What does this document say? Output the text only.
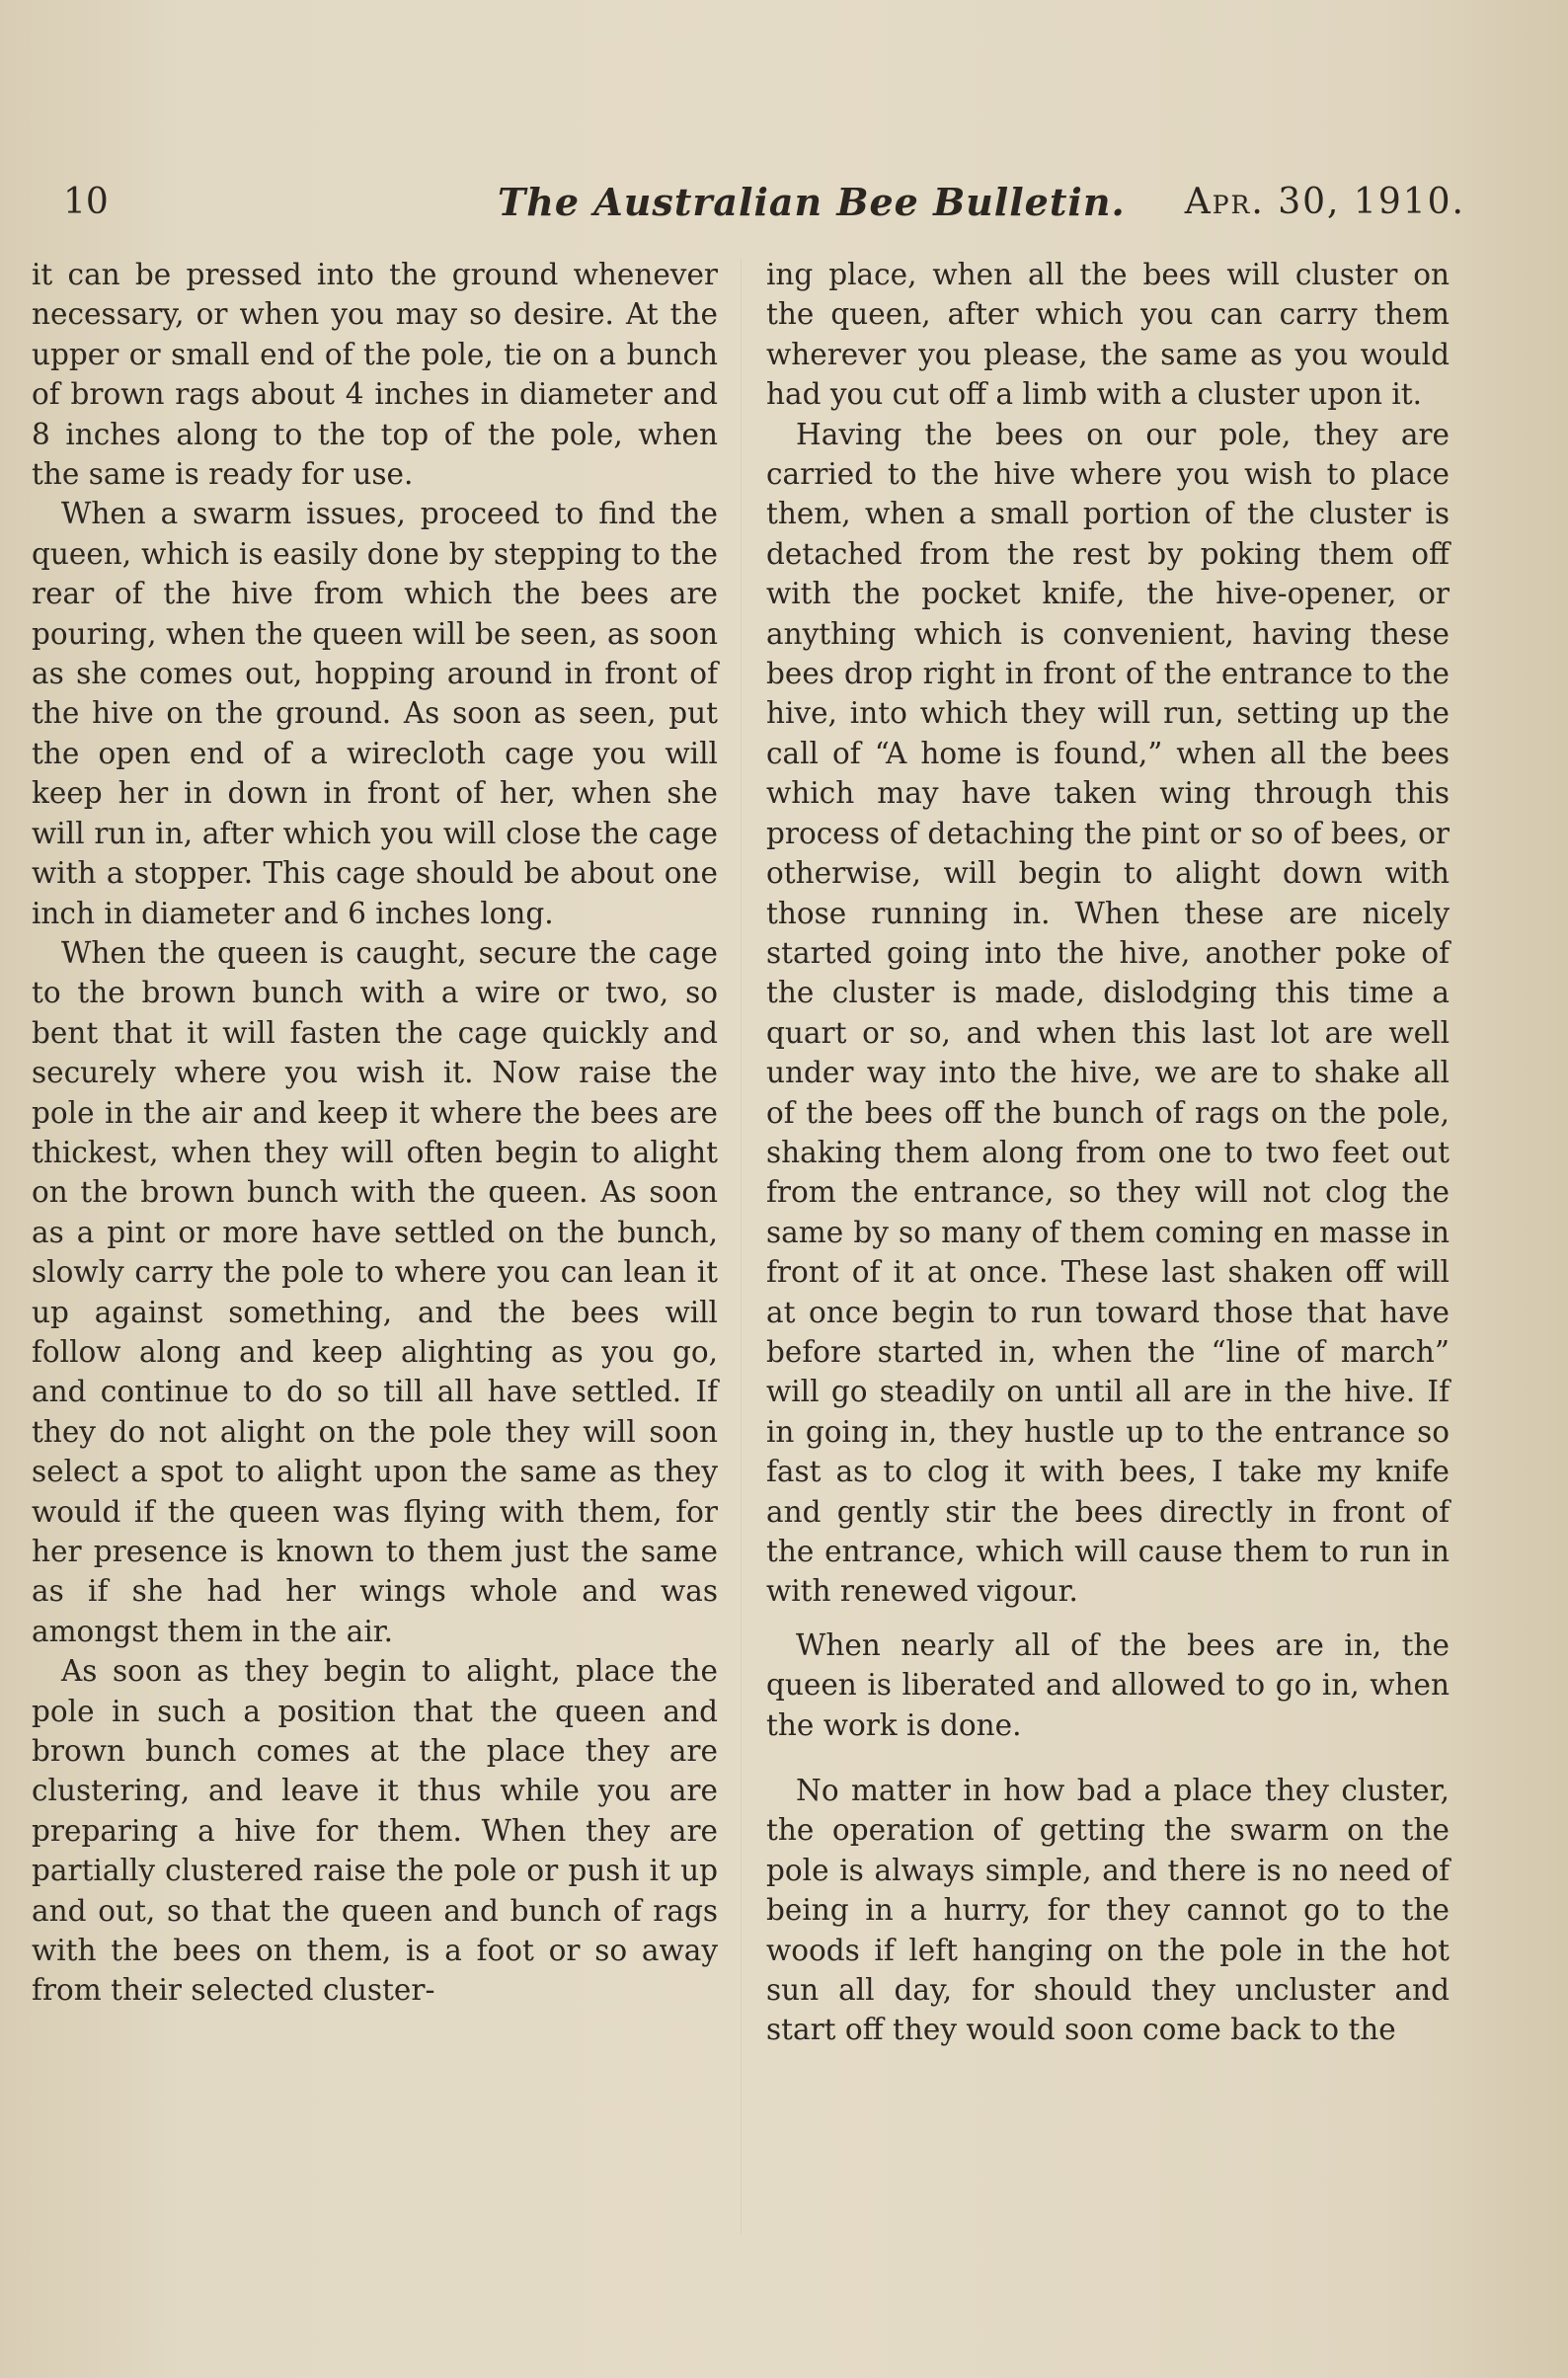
10	The Australian Bee Bulletin. Apr. 30, 1910.

it can be pressed into the ground whenever necessary, or when you may so desire. At the upper or small end of the pole, tie on a bunch of brown rags about 4 inches in diameter and 8 inches along to the top of the pole, when the same is ready for use.

When a swarm issues, proceed to find the queen, which is easily done by stepping to the rear of the hive from which the bees are pouring, when the queen will be seen, as soon as she comes out, hopping around in front of the hive on the ground. As soon as seen, put the open end of a wirecloth cage you will keep her in down in front of her, when she will run in, after which you will close the cage with a stopper. This cage should be about one inch in diameter and 6 inches long.

When the queen is caught, secure the cage to the brown bunch with a wire or two, so bent that it will fasten the cage quickly and securely where you wish it. Now raise the pole in the air and keep it where the bees are thickest, when they will often begin to alight on the brown bunch with the queen. As soon as a pint or more have settled on the bunch, slowly carry the pole to where you can lean it up against something, and the bees will follow along and keep alighting as you go, and continue to do so till all have settled. If they do not alight on the pole they will soon select a spot to alight upon the same as they would if the queen was flying with them, for her presence is known to them just the same as if she had her wings whole and was amongst them in the air.

As soon as they begin to alight, place the pole in such a position that the queen and brown bunch comes at the place they are clustering, and leave it thus while you are preparing a hive for them. When they are partially clustered raise the pole or push it up and out, so that the queen and bunch of rags with the bees on them, is a foot or so away from their selected cluster-

ing place, when all the bees will cluster on the queen, after which you can carry them wherever you please, the same as you would had you cut off a limb with a cluster upon it.

Having the bees on our pole, they are carried to the hive where you wish to place them, when a small portion of the cluster is detached from the rest by poking them off with the pocket knife, the hive-opener, or anything which is convenient, having these bees drop right in front of the entrance to the hive, into which they will run, setting up the call of “A home is found,” when all the bees which may have taken wing through this process of detaching the pint or so of bees, or otherwise, will begin to alight down with those running in. When these are nicely started going into the hive, another poke of the cluster is made, dislodging this time a quart or so, and when this last lot are well under way into the hive, we are to shake all of the bees off the bunch of rags on the pole, shaking them along from one to two feet out from the entrance, so they will not clog the same by so many of them coming en masse in front of it at once. These last shaken off will at once begin to run toward those that have before started in, when the “line of march” will go steadily on until all are in the hive. If in going in, they hustle up to the entrance so fast as to clog it with bees, I take my knife and gently stir the bees directly in front of the entrance, which will cause them to run in with renewed vigour.

When nearly all of the bees are in, the queen is liberated and allowed to go in, when the work is done.

No matter in how bad a place they cluster, the operation of getting the swarm on the pole is always simple, and there is no need of being in a hurry, for they cannot go to the woods if left hanging on the pole in the hot sun all day, for should they uncluster and start off they would soon come back to the
